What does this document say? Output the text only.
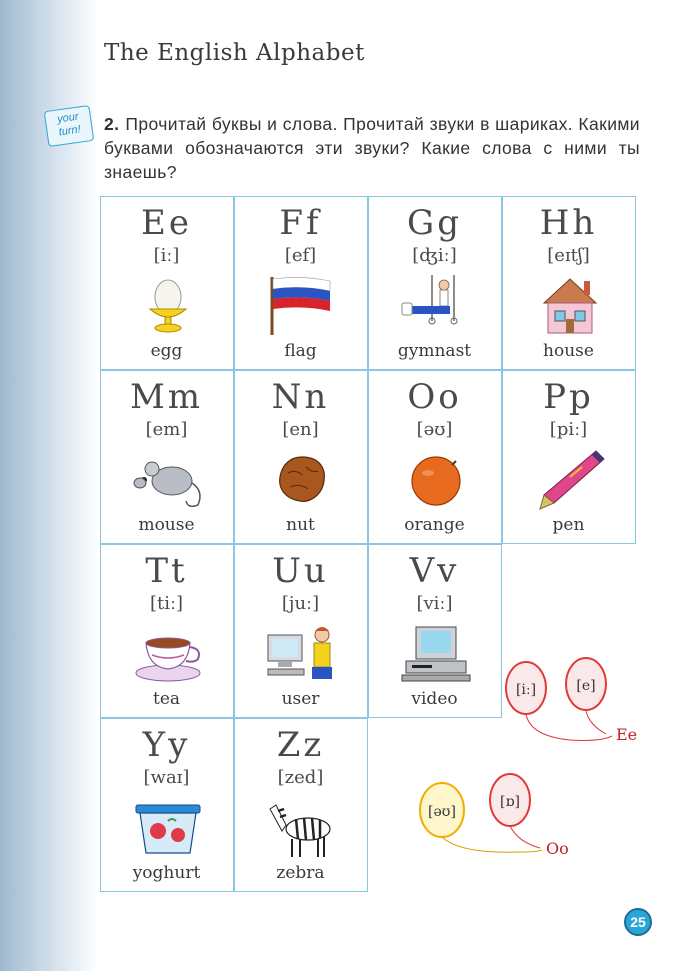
The English Alphabet
your
turn!	2. Прочитай буквы и слова. Прочитай звуки в шариках. Какими буквами обозначаются эти звуки? Какие слова с ними ты знаешь?

Ee
[iː]
egg
Ff
[ef]
flag
Gg
[ʤiː]
gymnast
Hh
[eɪtʃ]
house
Mm
[em]
mouse
Nn
[en]
nut
Oo
[əʊ]
orange
Pp
[piː]
pen
Tt
[tiː]
tea
Uu
[juː]
user
Vv
[viː]
video
Yy
[waɪ]
yoghurt
Zz
[zed]
zebra
[iː]	[e]
Ee
[əʊ]
[ɒ]
Oo
25
